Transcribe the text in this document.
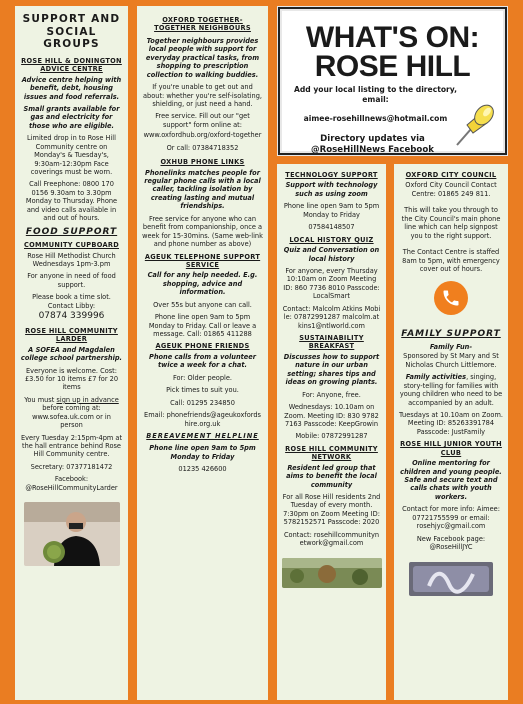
WHAT'S ON:
ROSE HILL
Add your local listing to the directory, email:
aimee-rosehillnews@hotmail.com
Directory updates via
@RoseHillNews Facebook
SUPPORT AND SOCIAL GROUPS
ROSE HILL & DONINGTON ADVICE CENTRE

Advice centre helping with benefit, debt, housing issues and food referrals.

Small grants available for gas and electricity for those who are eligible.

Limited drop in to Rose Hill Community centre on Monday's & Tuesday's, 9:30am-12:30pm Face coverings must be worn.

Call Freephone: 0800 170 0156 9.30am to 3.30pm Monday to Thursday. Phone and video calls available in and out of hours.

FOOD SUPPORT
COMMUNITY CUPBOARD

Rose Hill Methodist Church Wednesdays 1pm-3.pm

For anyone in need of food support.

Please book a time slot. Contact Libby:

07874 339996

ROSE HILL COMMUNITY LARDER

A SOFEA and Magdalen college school partnership.

Everyone is welcome. Cost: £3.50 for 10 items £7 for 20 items

You must sign up in advance before coming at: www.sofea.uk.com or in person

Every Tuesday 2:15pm-4pm at the hall entrance behind Rose Hill Community centre.

Secretary: 07377181472

Facebook: @RoseHillCommunityLarder

OXFORD TOGETHER- TOGETHER NEIGHBOURS

Together neighbours provides local people with support for everyday practical tasks, from shopping to prescription collection to walking buddies.

If you're unable to get out and about: whether you're self-isolating, shielding, or just need a hand.

Free service. Fill out our "get support" form online at:

www.oxfordhub.org/oxford-together

Or call: 07384718352

OXHUB PHONE LINKS

Phonelinks matches people for regular phone calls with a local caller, tackling isolation by creating lasting and mutual friendships.

Free service for anyone who can benefit from companionship, once a week for 15-30mins. (Same web-link and phone number as above)

AGEUK TELEPHONE SUPPORT SERVICE

Call for any help needed. E.g. shopping, advice and information.

Over 55s but anyone can call.

Phone line open 9am to 5pm Monday to Friday. Call or leave a message. Call: 01865 411288

AGEUK PHONE FRIENDS

Phone calls from a volunteer twice a week for a chat.

For: Older people.

Pick times to suit you.

Call: 01295 234850

Email: phonefriends@ageukoxfordshire.org.uk

BEREAVEMENT HELPLINE

Phone line open 9am to 5pm Monday to Friday

01235 426600

TECHNOLOGY SUPPORT

Support with technology such as using zoom

Phone line open 9am to 5pm Monday to Friday

07584148507

LOCAL HISTORY QUIZ

Quiz and Conversation on local history

For anyone, every Thursday 10:10am on Zoom Meeting ID: 860 7736 8010 Passcode: LocalSmart

Contact: Malcolm Atkins Mobile: 07872991287 malcolm.atkins1@ntlworld.com

SUSTAINABILITY BREAKFAST

Discusses how to support nature in our urban setting; shares tips and ideas on growing plants.

For: Anyone, free.

Wednesdays: 10.10am on Zoom. Meeting ID: 830 9782 7163 Passcode: KeepGrowin

Mobile: 07872991287

ROSE HILL COMMUNITY NETWORK

Resident led group that aims to benefit the local community

For all Rose Hill residents 2nd Tuesday of every month. 7:30pm on Zoom Meeting ID: 5782152571 Passcode: 2020

Contact: rosehillcommunitynetwork@gmail.com

OXFORD CITY COUNCIL

Oxford City Council Contact Centre: 01865 249 811.

This will take you through to the City Council's main phone line which can help signpost you to the right support.

The Contact Centre is staffed 8am to 5pm, with emergency cover out of hours.

FAMILY SUPPORT

Family Fun-

Sponsored by St Mary and St Nicholas Church Littlemore.

Family activities, singing, story-telling for families with young children who need to be accompanied by an adult.

Tuesdays at 10.10am on Zoom. Meeting ID: 85263391784 Passcode: JustFamily

ROSE HILL JUNIOR YOUTH CLUB

Online mentoring for children and young people. Safe and secure text and calls chats with youth workers.

Contact for more info: Aimee: 07721755599 or email: rosehjyc@gmail.com

New Facebook page: @RoseHillJYC
